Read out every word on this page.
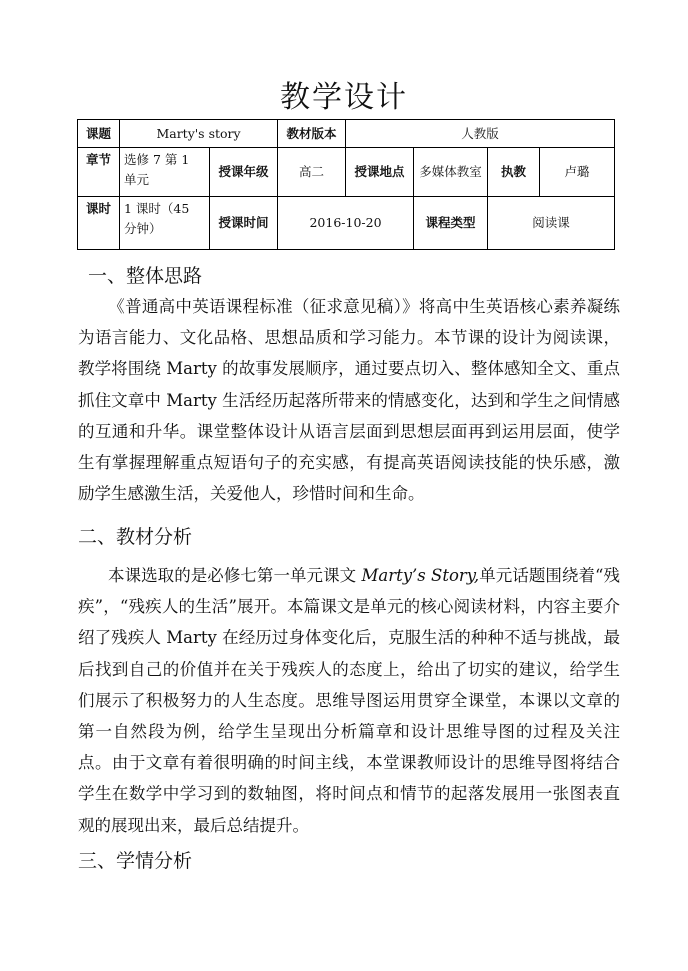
教学设计
课题	Marty's story		教材版本	人教版			
章节	选修 7 第 1 单元	授课年级	高二	授课地点	多媒体教室	执教	卢璐
课时	1 课时（45 分钟）	授课时间	2016-10-20		课程类型	阅读课	
一、整体思路

《普通高中英语课程标准（征求意见稿）》将高中生英语核心素养凝练为语言能力、文化品格、思想品质和学习能力。本节课的设计为阅读课，教学将围绕 Marty 的故事发展顺序，通过要点切入、整体感知全文、重点抓住文章中 Marty 生活经历起落所带来的情感变化，达到和学生之间情感的互通和升华。课堂整体设计从语言层面到思想层面再到运用层面，使学生有掌握理解重点短语句子的充实感，有提高英语阅读技能的快乐感，激励学生感激生活，关爱他人，珍惜时间和生命。

二、教材分析

本课选取的是必修七第一单元课文 Marty’s Story,单元话题围绕着“残疾”，“残疾人的生活”展开。本篇课文是单元的核心阅读材料，内容主要介绍了残疾人 Marty 在经历过身体变化后，克服生活的种种不适与挑战，最后找到自己的价值并在关于残疾人的态度上，给出了切实的建议，给学生们展示了积极努力的人生态度。思维导图运用贯穿全课堂，本课以文章的第一自然段为例，给学生呈现出分析篇章和设计思维导图的过程及关注点。由于文章有着很明确的时间主线，本堂课教师设计的思维导图将结合学生在数学中学习到的数轴图，将时间点和情节的起落发展用一张图表直观的展现出来，最后总结提升。

三、学情分析
